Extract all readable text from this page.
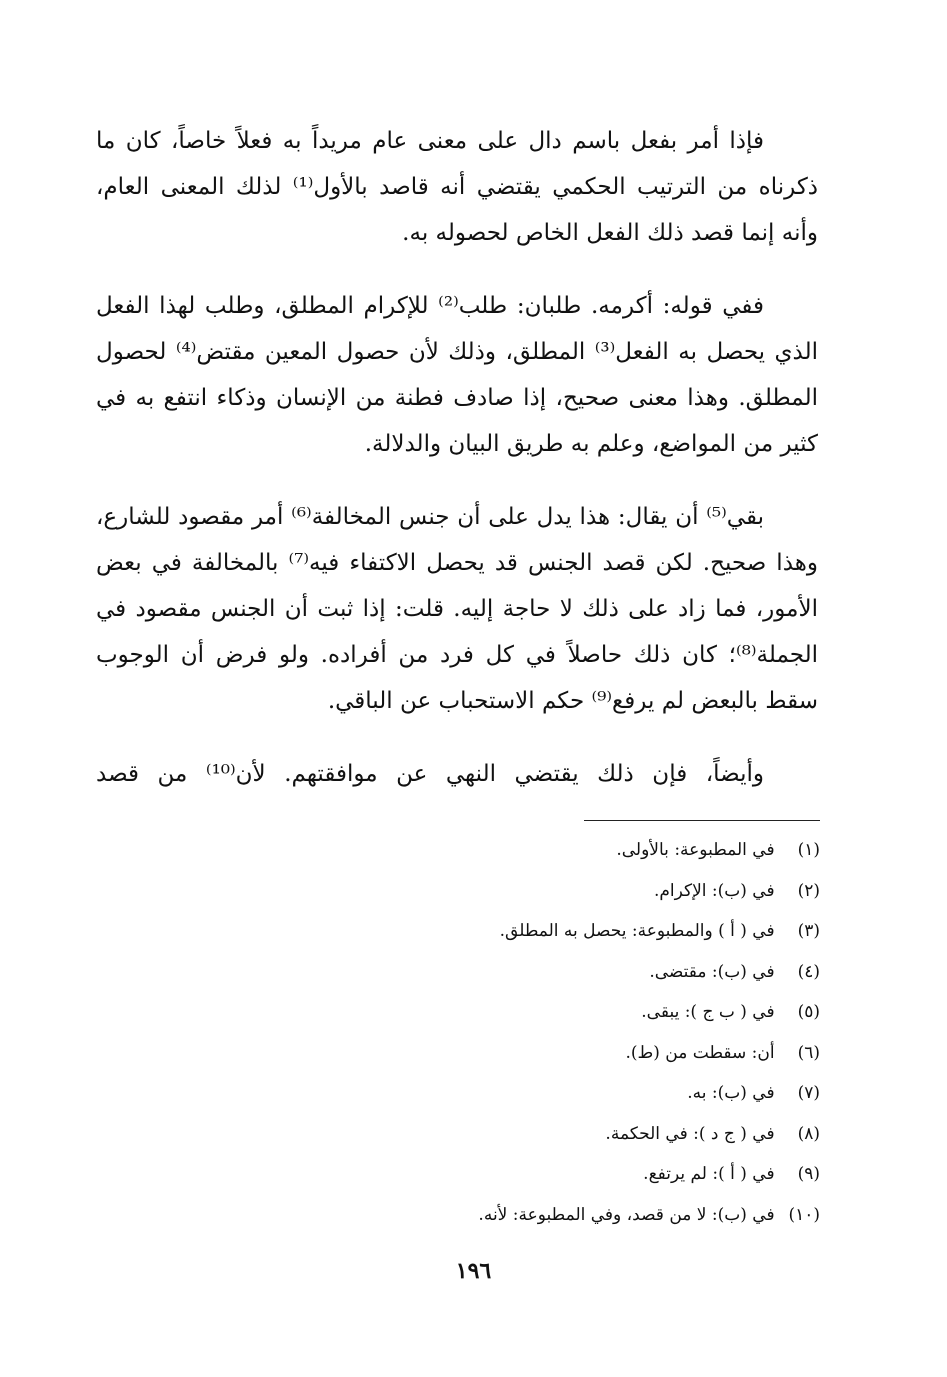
فإذا أمر بفعل باسم دال على معنى عام مريداً به فعلاً خاصاً، كان ما ذكرناه من الترتيب الحكمي يقتضي أنه قاصد بالأول⁽¹⁾ لذلك المعنى العام، وأنه إنما قصد ذلك الفعل الخاص لحصوله به.

ففي قوله: أكرمه. طلبان: طلب⁽²⁾ للإكرام المطلق، وطلب لهذا الفعل الذي يحصل به الفعل⁽³⁾ المطلق، وذلك لأن حصول المعين مقتض⁽⁴⁾ لحصول المطلق. وهذا معنى صحيح، إذا صادف فطنة من الإنسان وذكاء انتفع به في كثير من المواضع، وعلم به طريق البيان والدلالة.

بقي⁽⁵⁾ أن يقال: هذا يدل على أن جنس المخالفة⁽⁶⁾ أمر مقصود للشارع، وهذا صحيح. لكن قصد الجنس قد يحصل الاكتفاء فيه⁽⁷⁾ بالمخالفة في بعض الأمور، فما زاد على ذلك لا حاجة إليه. قلت: إذا ثبت أن الجنس مقصود في الجملة⁽⁸⁾؛ كان ذلك حاصلاً في كل فرد من أفراده. ولو فرض أن الوجوب سقط بالبعض لم يرفع⁽⁹⁾ حكم الاستحباب عن الباقي.

وأيضاً، فإن ذلك يقتضي النهي عن موافقتهم. لأن⁽¹⁰⁾ من قصد

(١) في المطبوعة: بالأولى.
(٢) في (ب): الإكرام.
(٣) في ( أ ) والمطبوعة: يحصل به المطلق.
(٤) في (ب): مقتضى.
(٥) في ( ب ج ): يبقى.
(٦) أن: سقطت من (ط).
(٧) في (ب): به.
(٨) في ( ج د ): في الحكمة.
(٩) في ( أ ): لم يرتفع.
(١٠) في (ب): لا من قصد، وفي المطبوعة: لأنه.
١٩٦
